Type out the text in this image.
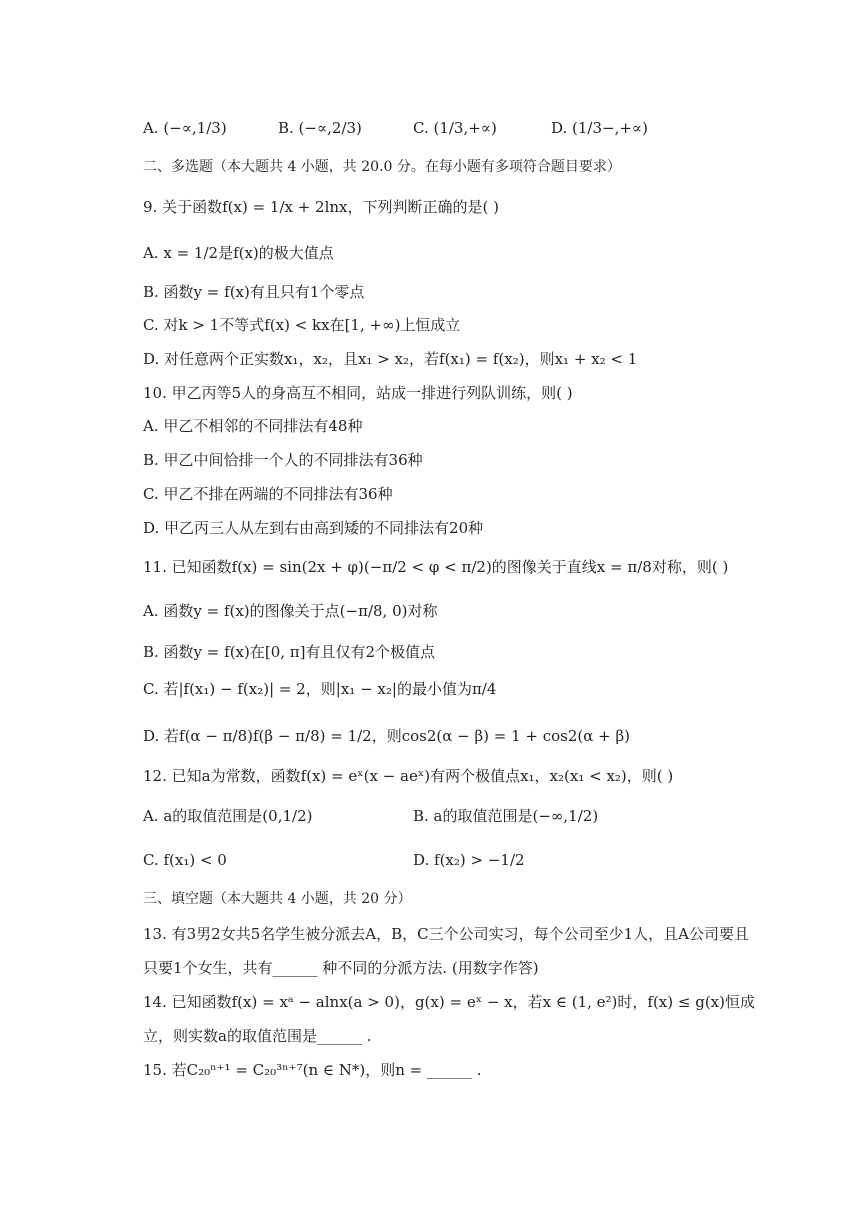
A. (−∝,1/3)	B. (−∝,2/3)	C. (1/3,+∝)	D. (1/3−,+∝)
二、多选题（本大题共 4 小题，共 20.0 分。在每小题有多项符合题目要求）
9. 关于函数f(x) = 1/x + 2lnx，下列判断正确的是( )
A. x = 1/2是f(x)的极大值点
B. 函数y = f(x)有且只有1个零点
C. 对k > 1不等式f(x) < kx在[1, +∞)上恒成立
D. 对任意两个正实数x₁，x₂，且x₁ > x₂，若f(x₁) = f(x₂)，则x₁ + x₂ < 1
10. 甲乙丙等5人的身高互不相同，站成一排进行列队训练，则( )
A. 甲乙不相邻的不同排法有48种
B. 甲乙中间恰排一个人的不同排法有36种
C. 甲乙不排在两端的不同排法有36种
D. 甲乙丙三人从左到右由高到矮的不同排法有20种
11. 已知函数f(x) = sin(2x + φ)(−π/2 < φ < π/2)的图像关于直线x = π/8对称，则( )
A. 函数y = f(x)的图像关于点(−π/8, 0)对称
B. 函数y = f(x)在[0, π]有且仅有2个极值点
C. 若|f(x₁) − f(x₂)| = 2，则|x₁ − x₂|的最小值为π/4
D. 若f(α − π/8)f(β − π/8) = 1/2，则cos2(α − β) = 1 + cos2(α + β)
12. 已知a为常数，函数f(x) = eˣ(x − aeˣ)有两个极值点x₁，x₂(x₁ < x₂)，则( )
A. a的取值范围是(0,1/2)	B. a的取值范围是(−∞,1/2)
C. f(x₁) < 0	D. f(x₂) > −1/2
三、填空题（本大题共 4 小题，共 20 分）
13. 有3男2女共5名学生被分派去A，B，C三个公司实习，每个公司至少1人，且A公司要且
只要1个女生，共有______ 种不同的分派方法. (用数字作答)
14. 已知函数f(x) = xᵃ − alnx(a > 0)，g(x) = eˣ − x，若x ∈ (1, e²)时，f(x) ≤ g(x)恒成
立，则实数a的取值范围是______ .
15. 若C₂₀ⁿ⁺¹ = C₂₀³ⁿ⁺⁷(n ∈ N*)，则n = ______ .
